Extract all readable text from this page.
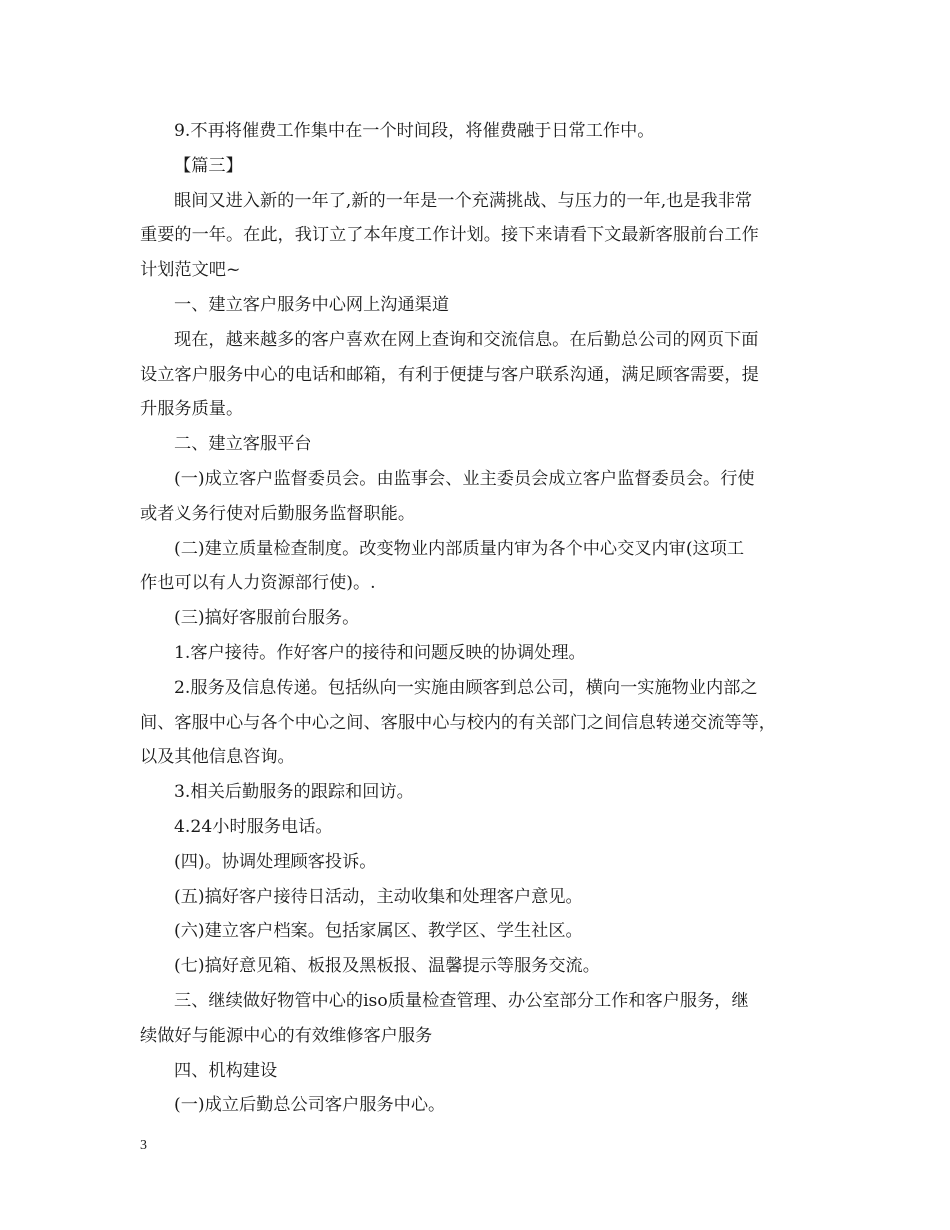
9.不再将催费工作集中在一个时间段，将催费融于日常工作中。
【篇三】
眼间又进入新的一年了,新的一年是一个充满挑战、与压力的一年,也是我非常
重要的一年。在此，我订立了本年度工作计划。接下来请看下文最新客服前台工作
计划范文吧~
一、建立客户服务中心网上沟通渠道
现在，越来越多的客户喜欢在网上查询和交流信息。在后勤总公司的网页下面
设立客户服务中心的电话和邮箱，有利于便捷与客户联系沟通，满足顾客需要，提
升服务质量。
二、建立客服平台
(一)成立客户监督委员会。由监事会、业主委员会成立客户监督委员会。行使
或者义务行使对后勤服务监督职能。
(二)建立质量检查制度。改变物业内部质量内审为各个中心交叉内审(这项工
作也可以有人力资源部行使)。.
(三)搞好客服前台服务。
1.客户接待。作好客户的接待和问题反映的协调处理。
2.服务及信息传递。包括纵向一实施由顾客到总公司，横向一实施物业内部之
间、客服中心与各个中心之间、客服中心与校内的有关部门之间信息转递交流等等，
以及其他信息咨询。
3.相关后勤服务的跟踪和回访。
4.24小时服务电话。
(四)。协调处理顾客投诉。
(五)搞好客户接待日活动，主动收集和处理客户意见。
(六)建立客户档案。包括家属区、教学区、学生社区。
(七)搞好意见箱、板报及黑板报、温馨提示等服务交流。
三、继续做好物管中心的iso质量检查管理、办公室部分工作和客户服务，继
续做好与能源中心的有效维修客户服务
四、机构建设
(一)成立后勤总公司客户服务中心。
3
